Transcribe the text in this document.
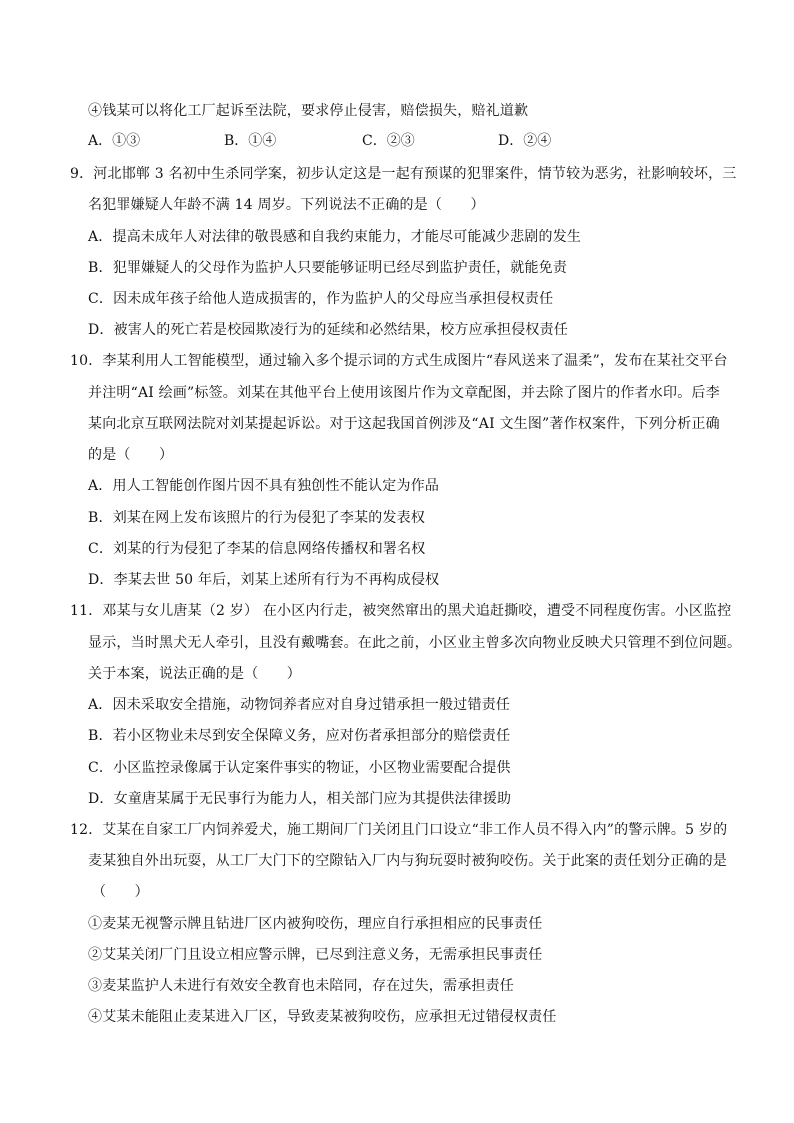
④钱某可以将化工厂起诉至法院，要求停止侵害，赔偿损失，赔礼道歉
A．①③	B．①④	C．②③	D．②④
9．河北邯郸 3 名初中生杀同学案，初步认定这是一起有预谋的犯罪案件，情节较为恶劣，社影响较坏，三
名犯罪嫌疑人年龄不满 14 周岁。下列说法不正确的是（　　）
A．提高未成年人对法律的敬畏感和自我约束能力，才能尽可能减少悲剧的发生
B．犯罪嫌疑人的父母作为监护人只要能够证明已经尽到监护责任，就能免责
C．因未成年孩子给他人造成损害的，作为监护人的父母应当承担侵权责任
D．被害人的死亡若是校园欺凌行为的延续和必然结果，校方应承担侵权责任
10．李某利用人工智能模型，通过输入多个提示词的方式生成图片“春风送来了温柔”，发布在某社交平台
并注明“AI 绘画”标签。刘某在其他平台上使用该图片作为文章配图，并去除了图片的作者水印。后李
某向北京互联网法院对刘某提起诉讼。对于这起我国首例涉及“AI 文生图”著作权案件，下列分析正确
的是（　　）
A．用人工智能创作图片因不具有独创性不能认定为作品
B．刘某在网上发布该照片的行为侵犯了李某的发表权
C．刘某的行为侵犯了李某的信息网络传播权和署名权
D．李某去世 50 年后，刘某上述所有行为不再构成侵权
11．邓某与女儿唐某（2 岁） 在小区内行走，被突然窜出的黑犬追赶撕咬，遭受不同程度伤害。小区监控
显示，当时黑犬无人牵引，且没有戴嘴套。在此之前，小区业主曾多次向物业反映犬只管理不到位问题。
关于本案，说法正确的是（　　）
A．因未采取安全措施，动物饲养者应对自身过错承担一般过错责任
B．若小区物业未尽到安全保障义务，应对伤者承担部分的赔偿责任
C．小区监控录像属于认定案件事实的物证，小区物业需要配合提供
D．女童唐某属于无民事行为能力人，相关部门应为其提供法律援助
12．艾某在自家工厂内饲养爱犬，施工期间厂门关闭且门口设立“非工作人员不得入内”的警示牌。5 岁的
麦某独自外出玩耍，从工厂大门下的空隙钻入厂内与狗玩耍时被狗咬伤。关于此案的责任划分正确的是
（　　）
①麦某无视警示牌且钻进厂区内被狗咬伤，理应自行承担相应的民事责任
②艾某关闭厂门且设立相应警示牌，已尽到注意义务，无需承担民事责任
③麦某监护人未进行有效安全教育也未陪同，存在过失，需承担责任
④艾某未能阻止麦某进入厂区，导致麦某被狗咬伤，应承担无过错侵权责任
